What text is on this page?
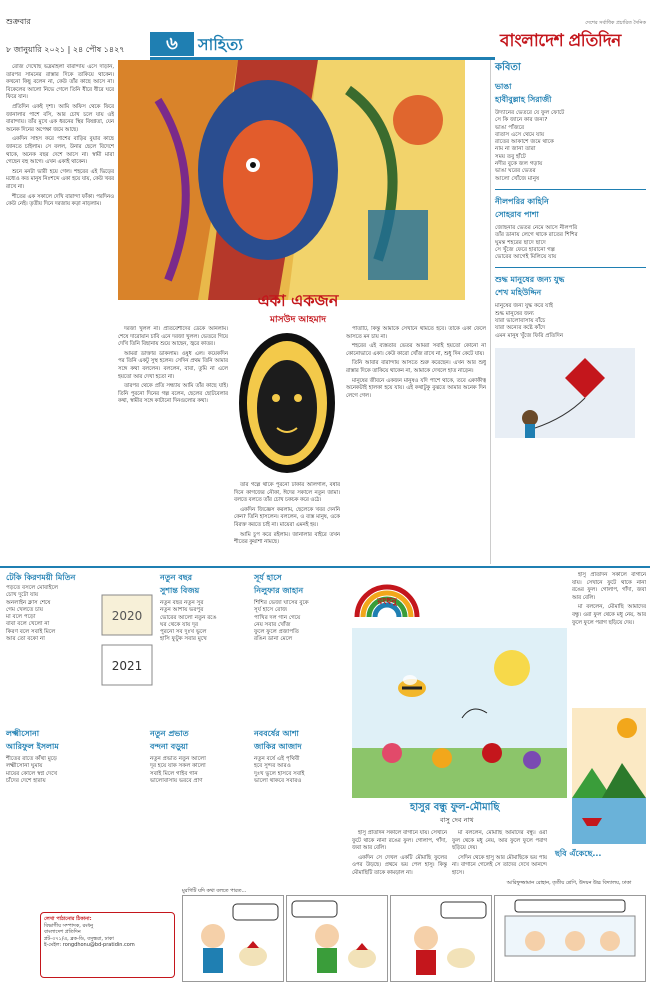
শুক্রবার
৮ জানুয়ারি ২০২১ | ২৪ পৌষ ১৪২৭	৬	সাহিত্য
দেশের সর্বাধিক প্রচারিত দৈনিক
বাংলাদেশ প্রতিদিন

রোজ দেখেছি ভদ্রমহিলা বারান্দায় এসে দাঁড়ান, তারপর সামনের রাস্তার দিকে তাকিয়ে থাকেন। কখনো কিছু বলেন না, কেউ তাঁর কাছে আসে না। বিকেলের আলো নিভে গেলে তিনি ধীরে ধীরে ঘরে ফিরে যান।

প্রতিদিন একই দৃশ্য। আমি অফিস থেকে ফিরে জানালার পাশে বসি, আর চোখ চলে যায় ওই বারান্দায়। তাঁর মুখে এক ধরনের স্থির বিষণ্ণতা, যেন অনেক দিনের অপেক্ষা জমে আছে।

একদিন সাহস করে পাশের বাড়ির বুয়ার কাছে জানতে চাইলাম। সে বলল, উনার ছেলে বিদেশে থাকে, অনেক বছর দেশে আসে না। স্বামী মারা গেছেন বহু আগে। এখন একাই থাকেন।

শুনে মনটা ভারী হয়ে গেল। শহরের এই ভিড়ের মধ্যেও কত মানুষ নিঃশব্দে একা হয়ে যায়, কেউ খবর রাখে না।

শীতের এক সকালে দেখি বারান্দা ফাঁকা। পরদিনও কেউ নেই। তৃতীয় দিনে দরজায় কড়া নাড়লাম।

একা একজন
মাসউদ আহমাদ

দরজা খুলল না। প্রতিবেশীদের ডেকে আনলাম। শেষে দারোয়ান চাবি এনে দরজা খুলল। ভেতরে গিয়ে দেখি তিনি বিছানায় শুয়ে আছেন, জ্বরে কাতর।

আমরা ডাক্তার ডাকলাম। ওষুধ এল। কয়েকদিন পর তিনি একটু সুস্থ হলেন। সেদিন প্রথম তিনি আমার সঙ্গে কথা বললেন। বললেন, বাবা, তুমি না এলে হয়তো আর দেখা হতো না।

তারপর থেকে প্রতি সন্ধ্যায় আমি তাঁর কাছে যাই। তিনি পুরনো দিনের গল্প বলেন, ছেলের ছোটবেলার কথা, স্বামীর সঙ্গে কাটানো দিনগুলোর কথা।

তাঁর গল্পে থাকে পুরনো ঢাকার অলিগলি, বর্ষার দিনে কাগজের নৌকা, ঈদের সকালে নতুন জামা। বলতে বলতে তাঁর চোখ চকচক করে ওঠে।

একদিন জিজ্ঞেস করলাম, ছেলেকে খবর দেননি কেন? তিনি হাসলেন। বললেন, ও ব্যস্ত মানুষ, ওকে বিরক্ত করতে চাই না। মায়েরা এমনই হয়।

আমি চুপ করে রইলাম। জানালার বাইরে তখন শীতের কুয়াশা নামছে।

পাতাটি, কিন্তু আমাকে সেখানে থামতে হবে। তাঁকে একা ফেলে আসতে মন চায় না।

শহরের এই ব্যস্ততার ভেতর আমরা সবাই হয়তো কোনো না কোনোভাবে একা। কেউ কারো খোঁজ রাখে না, শুধু দিন কেটে যায়।

তিনি আবার বারান্দায় আসতে শুরু করেছেন। এখন আর শুধু রাস্তার দিকে তাকিয়ে থাকেন না, আমাকে দেখলে হাত নাড়েন।

মানুষের জীবনে একজন মানুষও যদি পাশে থাকে, তবে একাকীত্ব অনেকটাই হালকা হয়ে যায়। এই কথাটুকু বুঝতে আমার অনেক দিন লেগে গেল।

কবিতা
ভাঙা
হাবীবুল্লাহ সিরাজী
উদ্যানের ভেতরে যে ফুল ফোটে
সে কি জানে কার জন্য?
ভাঙা পাঁজরে
বাতাস এসে থেমে যায়
রাতের আকাশে জমে থাকে
নাম না জানা তারা
সময় তবু হাঁটে
নদীর বুকে জল গড়ায়
ভাঙা ঘরের ভেতর
আলো খোঁজে মানুষ
নীলপরির কাহিনি
সোহরাব পাশা
জোছনার ভেতর নেমে আসে নীলপরি
তাঁর ডানায় লেগে থাকে রাতের শিশির
ঘুমন্ত শহরের ছাদে ছাদে
সে খুঁজে ফেরে হারানো গল্প
ভোরের আগেই মিলিয়ে যায়
শুদ্ধ মানুষের জন্য যুদ্ধ
শেখ মহিউদ্দিন
মানুষের জন্য যুদ্ধ করে যাই
শুদ্ধ মানুষের জন্য
যারা ভালোবাসায় বাঁচে
যারা অন্যের কষ্টে কাঁদে
এমন মানুষ খুঁজে ফিরি প্রতিদিন
রংধনু
টেকি কিরণময়ী মিতিন
পড়তে বসলে মোবাইলে
চোখ দুটো যায়
অনলাইন ক্লাস শেষে
গেম খেলতে চায়
মা বলে পড়ো
বাবা বলে খেলো না
কিরণ বলে সবাই মিলে
আর তো বকো না
2020
2021
নতুন বছর
সুশান্ত বিজয়
নতুন বছর নতুন সুর
নতুন আশায় ভরপুর
ভোরের আলো নতুন রঙে
ঘর থেকে যায় দূর
পুরনো সব দুঃখ ভুলে
হাসি ফুটুক সবার মুখে
সূর্য হাসে
নিলুফার জাহান
শিশির ভেজা ঘাসের বুকে
সূর্য হাসে রোজ
পাখির দল গান গেয়ে
নেয় সবার খোঁজ
ফুলে ফুলে প্রজাপতি
রঙিন ডানা মেলে
লক্ষ্মীসোনা
আরিফুল ইসলাম
শীতের রাতে কাঁথা মুড়ে
লক্ষ্মীসোনা ঘুমায়
মায়ের কোলে স্বপ্ন দেখে
চাঁদের দেশে হারায়
নতুন প্রভাত
বন্দনা বড়ুয়া
নতুন প্রভাত নতুন আলো
দূর হয়ে যাক সকল কালো
সবাই মিলে গাইব গান
ভালোবাসায় ভরবে প্রাণ
নববর্ষের আশা
জাকির আজাদ
নতুন বর্ষে এই পৃথিবী
হবে সুন্দর আরও
দুঃখ ভুলে হাসবে সবাই
ভালো থাকবে সবারও
হাসুর বন্ধু ফুল-মৌমাছি
বাসু দেব নাথ

হাসু প্রতিদিন সকালে বাগানে যায়। সেখানে ফুটে থাকে নানা রঙের ফুল। গোলাপ, গাঁদা, জবা আর বেলি।

একদিন সে দেখল একটি মৌমাছি ফুলের ওপর উড়ছে। প্রথমে ভয় পেল হাসু। কিন্তু মৌমাছিটি তাকে কামড়াল না।

মা বললেন, মৌমাছি আমাদের বন্ধু। ওরা ফুল থেকে মধু নেয়, আর ফুলে ফুলে পরাগ ছড়িয়ে দেয়।

সেদিন থেকে হাসু আর মৌমাছিকে ভয় পায় না। বাগানে গেলেই সে তাদের দেখে আনন্দে হাসে।

হাসু প্রতিদিন সকালে বাগানে যায়। সেখানে ফুটে থাকে নানা রঙের ফুল। গোলাপ, গাঁদা, জবা আর বেলি।

মা বললেন, মৌমাছি আমাদের বন্ধু। ওরা ফুল থেকে মধু নেয়, আর ফুলে ফুলে পরাগ ছড়িয়ে দেয়।

ছবি এঁকেছে...
আরিফুজ্জামান রোহান, তৃতীয় শ্রেণি, উদয়ন উচ্চ বিদ্যালয়, ঢাকা
লেখা পাঠানোর ঠিকানা:
বিভাগীয় সম্পাদক, রংধনু
বাংলাদেশ প্রতিদিন
প্লট-৩৭১/এ, ব্লক-ডি, বসুন্ধরা, ঢাকা
ই-মেইল: rongdhonu@bd-pratidin.com
মুরগিটি যদি কথা বলতে পারত...
